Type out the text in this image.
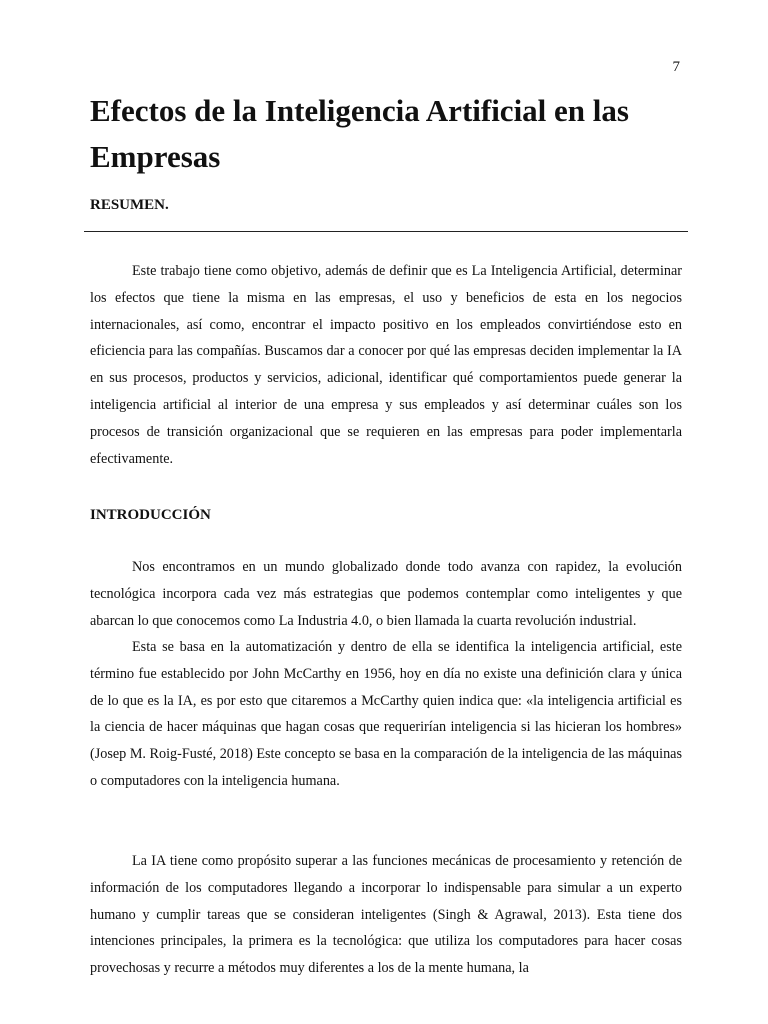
7
Efectos de la Inteligencia Artificial en las Empresas
RESUMEN.

Este trabajo tiene como objetivo, además de definir que es La Inteligencia Artificial, determinar los efectos que tiene la misma en las empresas, el uso y beneficios de esta en los negocios internacionales, así como, encontrar el impacto positivo en los empleados convirtiéndose esto en eficiencia para las compañías. Buscamos dar a conocer por qué las empresas deciden implementar la IA en sus procesos, productos y servicios, adicional, identificar qué comportamientos puede generar la inteligencia artificial al interior de una empresa y sus empleados y así determinar cuáles son los procesos de transición organizacional que se requieren en las empresas para poder implementarla efectivamente.

INTRODUCCIÓN

Nos encontramos en un mundo globalizado donde todo avanza con rapidez, la evolución tecnológica incorpora cada vez más estrategias que podemos contemplar como inteligentes y que abarcan lo que conocemos como La Industria 4.0, o bien llamada la cuarta revolución industrial.

Esta se basa en la automatización y dentro de ella se identifica la inteligencia artificial, este término fue establecido por John McCarthy en 1956, hoy en día no existe una definición clara y única de lo que es la IA, es por esto que citaremos a McCarthy quien indica que: «la inteligencia artificial es la ciencia de hacer máquinas que hagan cosas que requerirían inteligencia si las hicieran los hombres» (Josep M. Roig-Fusté, 2018) Este concepto se basa en la comparación de la inteligencia de las máquinas o computadores con la inteligencia humana.

La IA tiene como propósito superar a las funciones mecánicas de procesamiento y retención de información de los computadores llegando a incorporar lo indispensable para simular a un experto humano y cumplir tareas que se consideran inteligentes (Singh & Agrawal, 2013). Esta tiene dos intenciones principales, la primera es la tecnológica: que utiliza los computadores para hacer cosas provechosas y recurre a métodos muy diferentes a los de la mente humana, la
